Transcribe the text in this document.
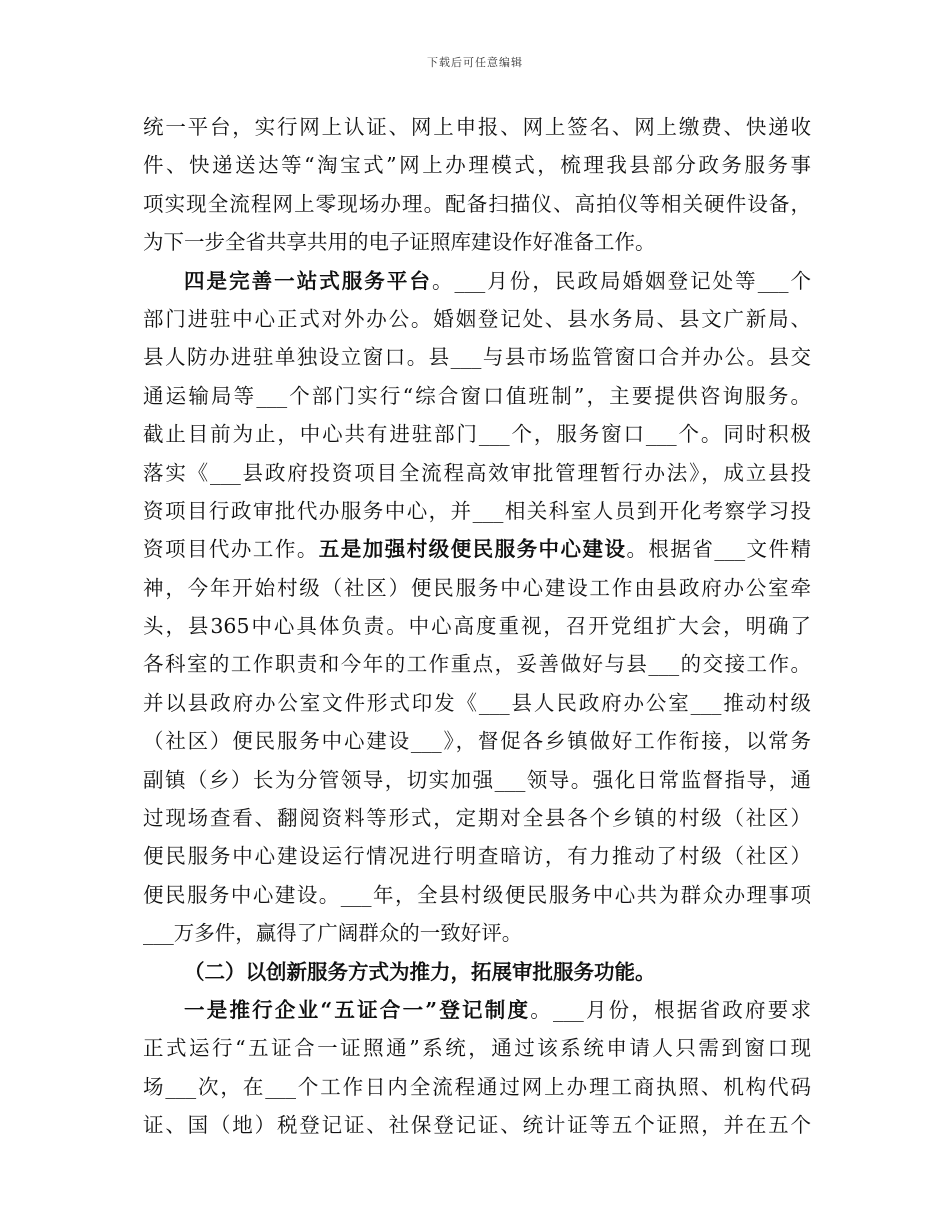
下载后可任意编辑
统一平台，实行网上认证、网上申报、网上签名、网上缴费、快递收
件、快递送达等“淘宝式”网上办理模式，梳理我县部分政务服务事
项实现全流程网上零现场办理。配备扫描仪、高拍仪等相关硬件设备，
为下一步全省共享共用的电子证照库建设作好准备工作。
四是完善一站式服务平台。___月份，民政局婚姻登记处等___个
部门进驻中心正式对外办公。婚姻登记处、县水务局、县文广新局、
县人防办进驻单独设立窗口。县___与县市场监管窗口合并办公。县交
通运输局等___个部门实行“综合窗口值班制”，主要提供咨询服务。
截止目前为止，中心共有进驻部门___个，服务窗口___个。同时积极
落实《___县政府投资项目全流程高效审批管理暂行办法》，成立县投
资项目行政审批代办服务中心，并___相关科室人员到开化考察学习投
资项目代办工作。五是加强村级便民服务中心建设。根据省___文件精
神，今年开始村级（社区）便民服务中心建设工作由县政府办公室牵
头，县365中心具体负责。中心高度重视，召开党组扩大会，明确了
各科室的工作职责和今年的工作重点，妥善做好与县___的交接工作。
并以县政府办公室文件形式印发《___县人民政府办公室___推动村级
（社区）便民服务中心建设___》，督促各乡镇做好工作衔接，以常务
副镇（乡）长为分管领导，切实加强___领导。强化日常监督指导，通
过现场查看、翻阅资料等形式，定期对全县各个乡镇的村级（社区）
便民服务中心建设运行情况进行明查暗访，有力推动了村级（社区）
便民服务中心建设。___年，全县村级便民服务中心共为群众办理事项
___万多件，赢得了广阔群众的一致好评。
（二）以创新服务方式为推力，拓展审批服务功能。
一是推行企业“五证合一”登记制度。___月份，根据省政府要求
正式运行“五证合一证照通”系统，通过该系统申请人只需到窗口现
场___次，在___个工作日内全流程通过网上办理工商执照、机构代码
证、国（地）税登记证、社保登记证、统计证等五个证照，并在五个
